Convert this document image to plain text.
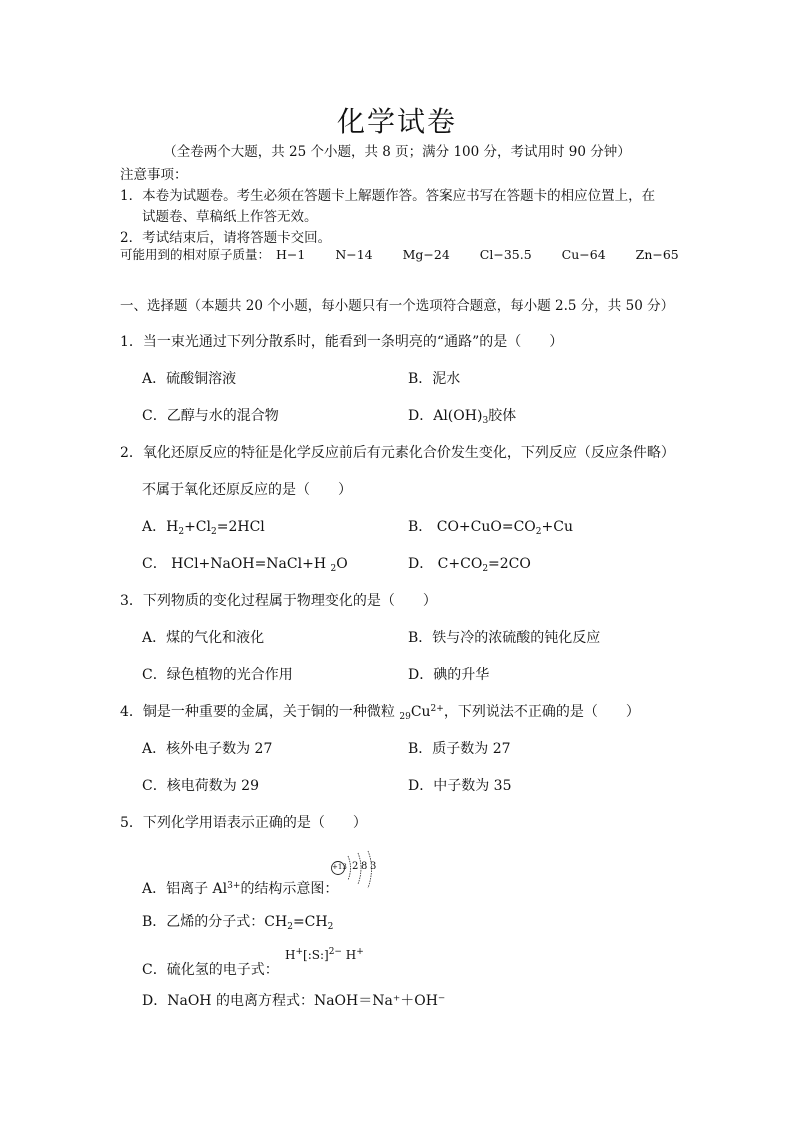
化学试卷
（全卷两个大题，共 25 个小题，共 8 页；满分 100 分，考试用时 90 分钟）
注意事项：
1．本卷为试题卷。考生必须在答题卡上解题作答。答案应书写在答题卡的相应位置上，在
试题卷、草稿纸上作答无效。
2．考试结束后，请将答题卡交回。
可能用到的相对原子质量： H−1 N−14 Mg−24 Cl−35.5 Cu−64 Zn−65
一、选择题（本题共 20 个小题，每小题只有一个选项符合题意，每小题 2.5 分，共 50 分）
1．当一束光通过下列分散系时，能看到一条明亮的“通路”的是（　　）
A．硫酸铜溶液	B．泥水
C．乙醇与水的混合物	D．$Al(OH)_3$胶体
2．氧化还原反应的特征是化学反应前后有元素化合价发生变化，下列反应（反应条件略）
不属于氧化还原反应的是（　　）
A．$H_2+Cl_2=2HCl$	B． $CO+CuO=CO_2+Cu$
C． HCl+NaOH=NaCl+H $_2$O	D． $C+CO_2=2CO$
3．下列物质的变化过程属于物理变化的是（　　）
A．煤的气化和液化	B．铁与冷的浓硫酸的钝化反应
C．绿色植物的光合作用	D．碘的升华
4．铜是一种重要的金属，关于铜的一种微粒 $_{29}Cu^{2+}$，下列说法不正确的是（　　）
A．核外电子数为 27	B．质子数为 27
C．核电荷数为 29	D．中子数为 35
5．下列化学用语表示正确的是（　　）
+13 2 8 3
A．铝离子 $Al^{3+}$的结构示意图：
B．乙烯的分子式：$CH_2=CH_2$
H+[:S:]$^{2-}$ H+
C．硫化氢的电子式：
D．NaOH 的电离方程式：NaOH＝Na⁺＋OH⁻
